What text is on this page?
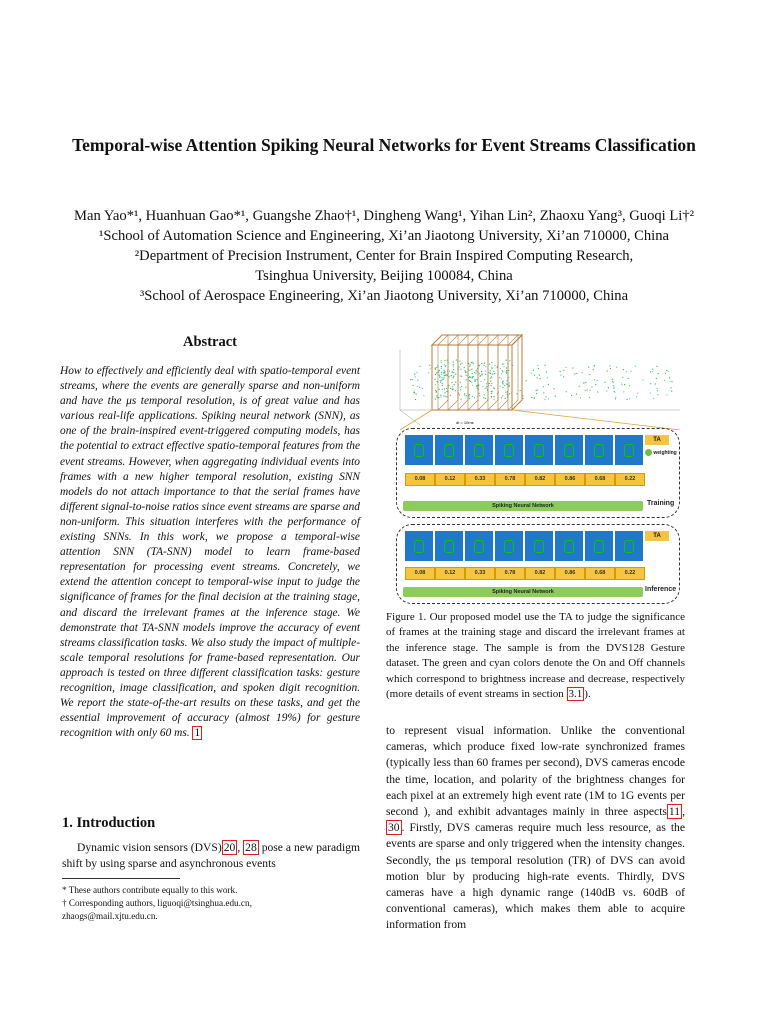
Temporal-wise Attention Spiking Neural Networks for Event Streams Classification
Man Yao*¹, Huanhuan Gao*¹, Guangshe Zhao†¹, Dingheng Wang¹, Yihan Lin², Zhaoxu Yang³, Guoqi Li†²
¹School of Automation Science and Engineering, Xi’an Jiaotong University, Xi’an 710000, China
²Department of Precision Instrument, Center for Brain Inspired Computing Research,
Tsinghua University, Beijing 100084, China
³School of Aerospace Engineering, Xi’an Jiaotong University, Xi’an 710000, China
Abstract
How to effectively and efficiently deal with spatio-temporal event streams, where the events are generally sparse and non-uniform and have the μs temporal resolution, is of great value and has various real-life applications. Spiking neural network (SNN), as one of the brain-inspired event-triggered computing models, has the potential to extract effective spatio-temporal features from the event streams. However, when aggregating individual events into frames with a new higher temporal resolution, existing SNN models do not attach importance to that the serial frames have different signal-to-noise ratios since event streams are sparse and non-uniform. This situation interferes with the performance of existing SNNs. In this work, we propose a temporal-wise attention SNN (TA-SNN) model to learn frame-based representation for processing event streams. Concretely, we extend the attention concept to temporal-wise input to judge the significance of frames for the final decision at the training stage, and discard the irrelevant frames at the inference stage. We demonstrate that TA-SNN models improve the accuracy of event streams classification tasks. We also study the impact of multiple-scale temporal resolutions for frame-based representation. Our approach is tested on three different classification tasks: gesture recognition, image classification, and spoken digit recognition. We report the state-of-the-art results on these tasks, and get the essential improvement of accuracy (almost 19%) for gesture recognition with only 60 ms. 1
1. Introduction
Dynamic vision sensors (DVS) 20 , 28 pose a new paradigm shift by using sparse and asynchronous events
* These authors contribute equally to this work.
† Corresponding authors, liguoqi@tsinghua.edu.cn,
zhaogs@mail.xjtu.edu.cn.
dt = 10ms
TA
weighting
0.08	0.12	0.33	0.78	0.82	0.86	0.68	0.22
Spiking Neural Network	Training
TA
0.08	0.12	0.33	0.78	0.82	0.86	0.68	0.22
Spiking Neural Network	Inference
Figure 1. Our proposed model use the TA to judge the significance of frames at the training stage and discard the irrelevant frames at the inference stage. The sample is from the DVS128 Gesture dataset. The green and cyan colors denote the On and Off channels which correspond to brightness increase and decrease, respectively (more details of event streams in section 3.1 ).
to represent visual information. Unlike the conventional cameras, which produce fixed low-rate synchronized frames (typically less than 60 frames per second), DVS cameras encode the time, location, and polarity of the brightness changes for each pixel at an extremely high event rate (1M to 1G events per second ), and exhibit advantages mainly in three aspects 11 , 30 . Firstly, DVS cameras require much less resource, as the events are sparse and only triggered when the intensity changes. Secondly, the μs temporal resolution (TR) of DVS can avoid motion blur by producing high-rate events. Thirdly, DVS cameras have a high dynamic range (140dB vs. 60dB of conventional cameras), which makes them able to acquire information from
